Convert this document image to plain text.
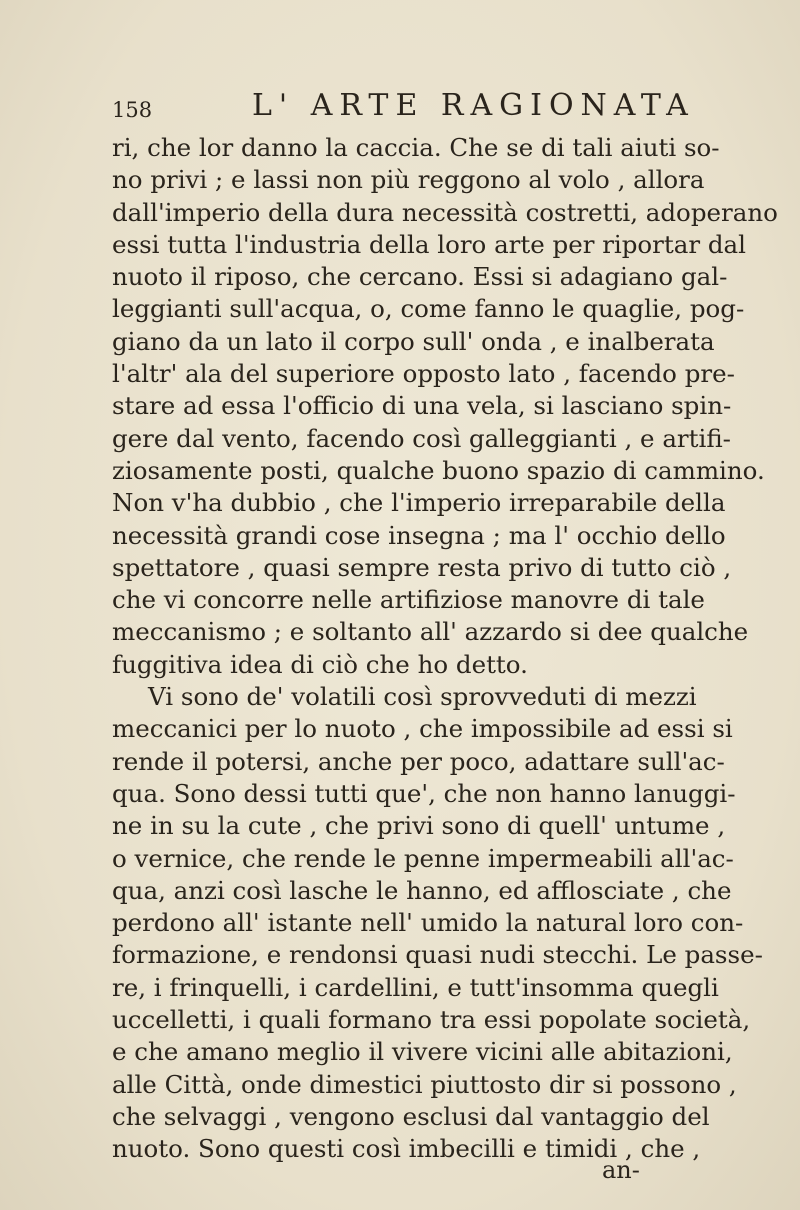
158	L' ARTE RAGIONATA
ri, che lor danno la caccia. Che se di tali aiuti so-
no privi ; e lassi non più reggono al volo , allora
dall'imperio della dura necessità costretti, adoperano
essi tutta l'industria della loro arte per riportar dal
nuoto il riposo, che cercano. Essi si adagiano gal-
leggianti sull'acqua, o, come fanno le quaglie, pog-
giano da un lato il corpo sull' onda , e inalberata
l'altr' ala del superiore opposto lato , facendo pre-
stare ad essa l'officio di una vela, si lasciano spin-
gere dal vento, facendo così galleggianti , e artifi-
ziosamente posti, qualche buono spazio di cammino.
Non v'ha dubbio , che l'imperio irreparabile della
necessità grandi cose insegna ; ma l' occhio dello
spettatore , quasi sempre resta privo di tutto ciò ,
che vi concorre nelle artifiziose manovre di tale
meccanismo ; e soltanto all' azzardo si dee qualche
fuggitiva idea di ciò che ho detto.
Vi sono de' volatili così sprovveduti di mezzi
meccanici per lo nuoto , che impossibile ad essi si
rende il potersi, anche per poco, adattare sull'ac-
qua. Sono dessi tutti que', che non hanno lanuggi-
ne in su la cute , che privi sono di quell' untume ,
o vernice, che rende le penne impermeabili all'ac-
qua, anzi così lasche le hanno, ed afflosciate , che
perdono all' istante nell' umido la natural loro con-
formazione, e rendonsi quasi nudi stecchi. Le passe-
re, i frinquelli, i cardellini, e tutt'insomma quegli
uccelletti, i quali formano tra essi popolate società,
e che amano meglio il vivere vicini alle abitazioni,
alle Città, onde dimestici piuttosto dir si possono ,
che selvaggi , vengono esclusi dal vantaggio del
nuoto. Sono questi così imbecilli e timidi , che ,
an-
